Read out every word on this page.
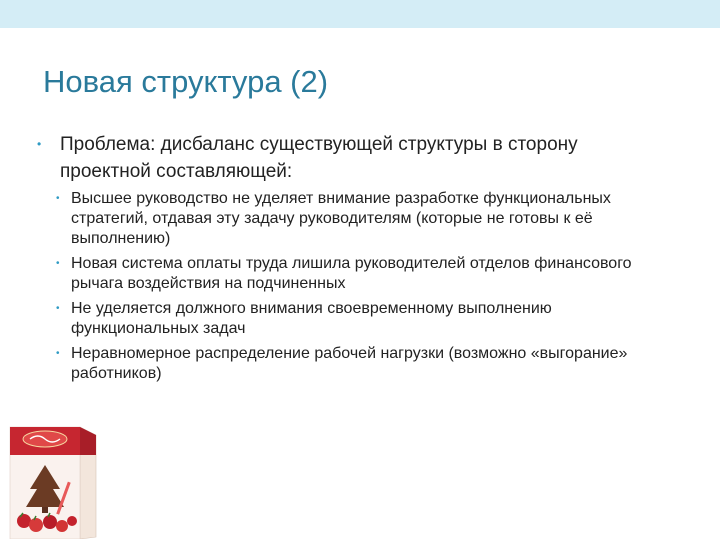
Новая структура (2)
• Проблема: дисбаланс существующей структуры в сторону проектной составляющей:
• Высшее руководство не уделяет внимание разработке функциональных стратегий, отдавая эту задачу руководителям (которые не готовы к её выполнению)
• Новая система оплаты труда лишила руководителей отделов финансового рычага воздействия на подчиненных
• Не уделяется должного внимания своевременному выполнению функциональных задач
• Неравномерное распределение рабочей нагрузки (возможно «выгорание» работников)
